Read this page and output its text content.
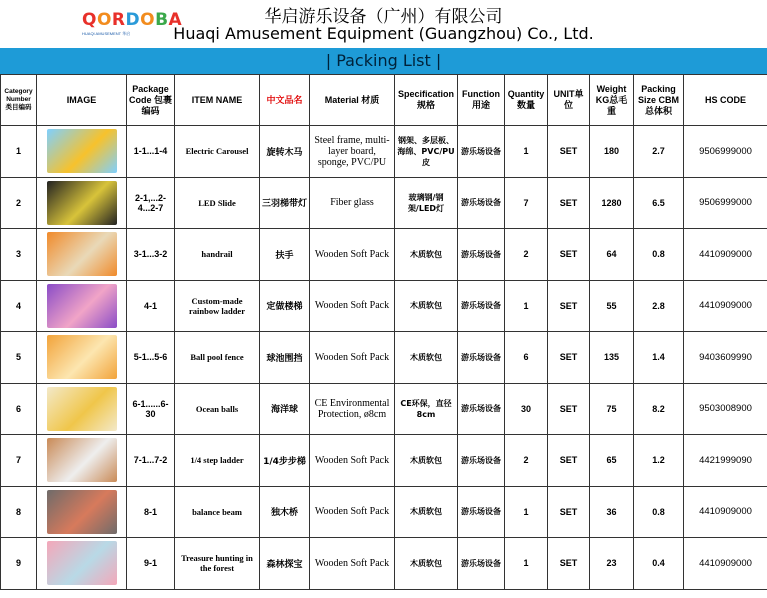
QORDOBA
HUAQI AMUSEMENT 华启
华启游乐设备（广州）有限公司
Huaqi Amusement Equipment (Guangzhou) Co., Ltd.
| Packing List |
Category Number 类目编码	IMAGE	Package Code 包裹编码	ITEM NAME	中文品名	Material 材质	Specification 规格	Function 用途	Quantity 数量	UNIT单位	Weight KG总毛重	Packing Size CBM 总体积	HS CODE
1		1-1...1-4	Electric Carousel	旋转木马	Steel frame, multi-layer board, sponge, PVC/PU	钢架、多层板、海绵、PVC/PU皮	游乐场设备	1	SET	180	2.7	9506999000
2		2-1,...2-4...2-7	LED Slide	三羽梯带灯	Fiber glass	玻璃钢/钢架/LED灯	游乐场设备	7	SET	1280	6.5	9506999000
3		3-1...3-2	handrail	扶手	Wooden Soft Pack	木质软包	游乐场设备	2	SET	64	0.8	4410909000
4		4-1	Custom-made rainbow ladder	定做楼梯	Wooden Soft Pack	木质软包	游乐场设备	1	SET	55	2.8	4410909000
5		5-1...5-6	Ball pool fence	球池围挡	Wooden Soft Pack	木质软包	游乐场设备	6	SET	135	1.4	9403609990
6		6-1......6-30	Ocean balls	海洋球	CE Environmental Protection, ø8cm	CE环保，直径8cm	游乐场设备	30	SET	75	8.2	9503008900
7		7-1...7-2	1/4 step ladder	1/4步步梯	Wooden Soft Pack	木质软包	游乐场设备	2	SET	65	1.2	4421999090
8		8-1	balance beam	独木桥	Wooden Soft Pack	木质软包	游乐场设备	1	SET	36	0.8	4410909000
9		9-1	Treasure hunting in the forest	森林探宝	Wooden Soft Pack	木质软包	游乐场设备	1	SET	23	0.4	4410909000
